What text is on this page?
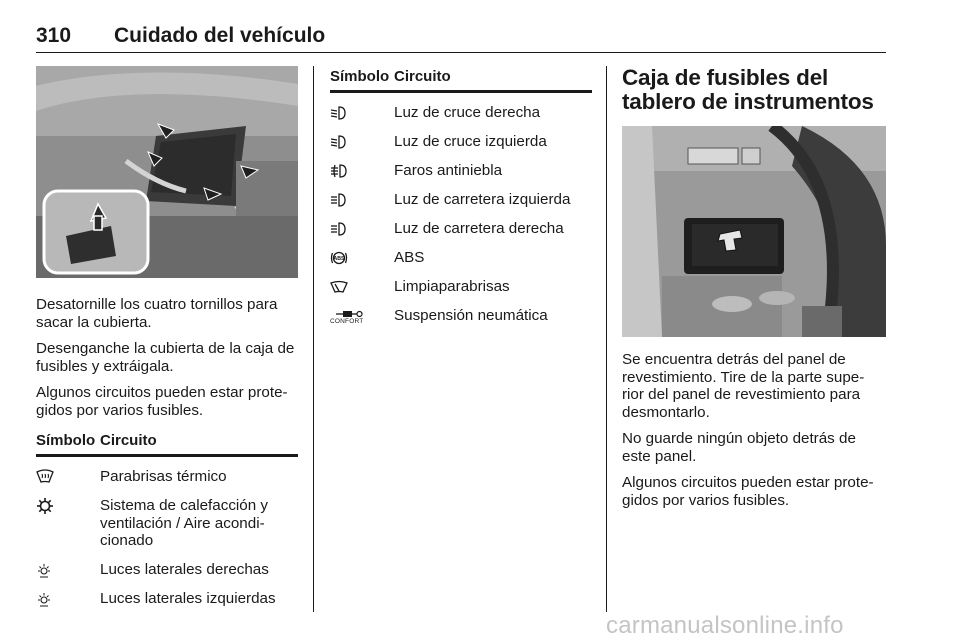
310 Cuidado del vehículo

Desatornille los cuatro tornillos para sacar la cubierta.

Desenganche la cubierta de la caja de fusibles y extráigala.

Algunos circuitos pueden estar prote-gidos por varios fusibles.

Símbolo Circuito
Parabrisas térmico
Sistema de calefacción y ventilación / Aire acondi-cionado
Luces laterales derechas
Luces laterales izquierdas
Símbolo Circuito
Luz de cruce derecha
Luz de cruce izquierda
Faros antiniebla
Luz de carretera izquierda
Luz de carretera derecha
ABS	ABS
Limpiaparabrisas
CONFORT Suspensión neumática
Caja de fusibles del tablero de instrumentos

Se encuentra detrás del panel de revestimiento. Tire de la parte supe-rior del panel de revestimiento para desmontarlo.

No guarde ningún objeto detrás de este panel.

Algunos circuitos pueden estar prote-gidos por varios fusibles.

carmanualsonline.info
